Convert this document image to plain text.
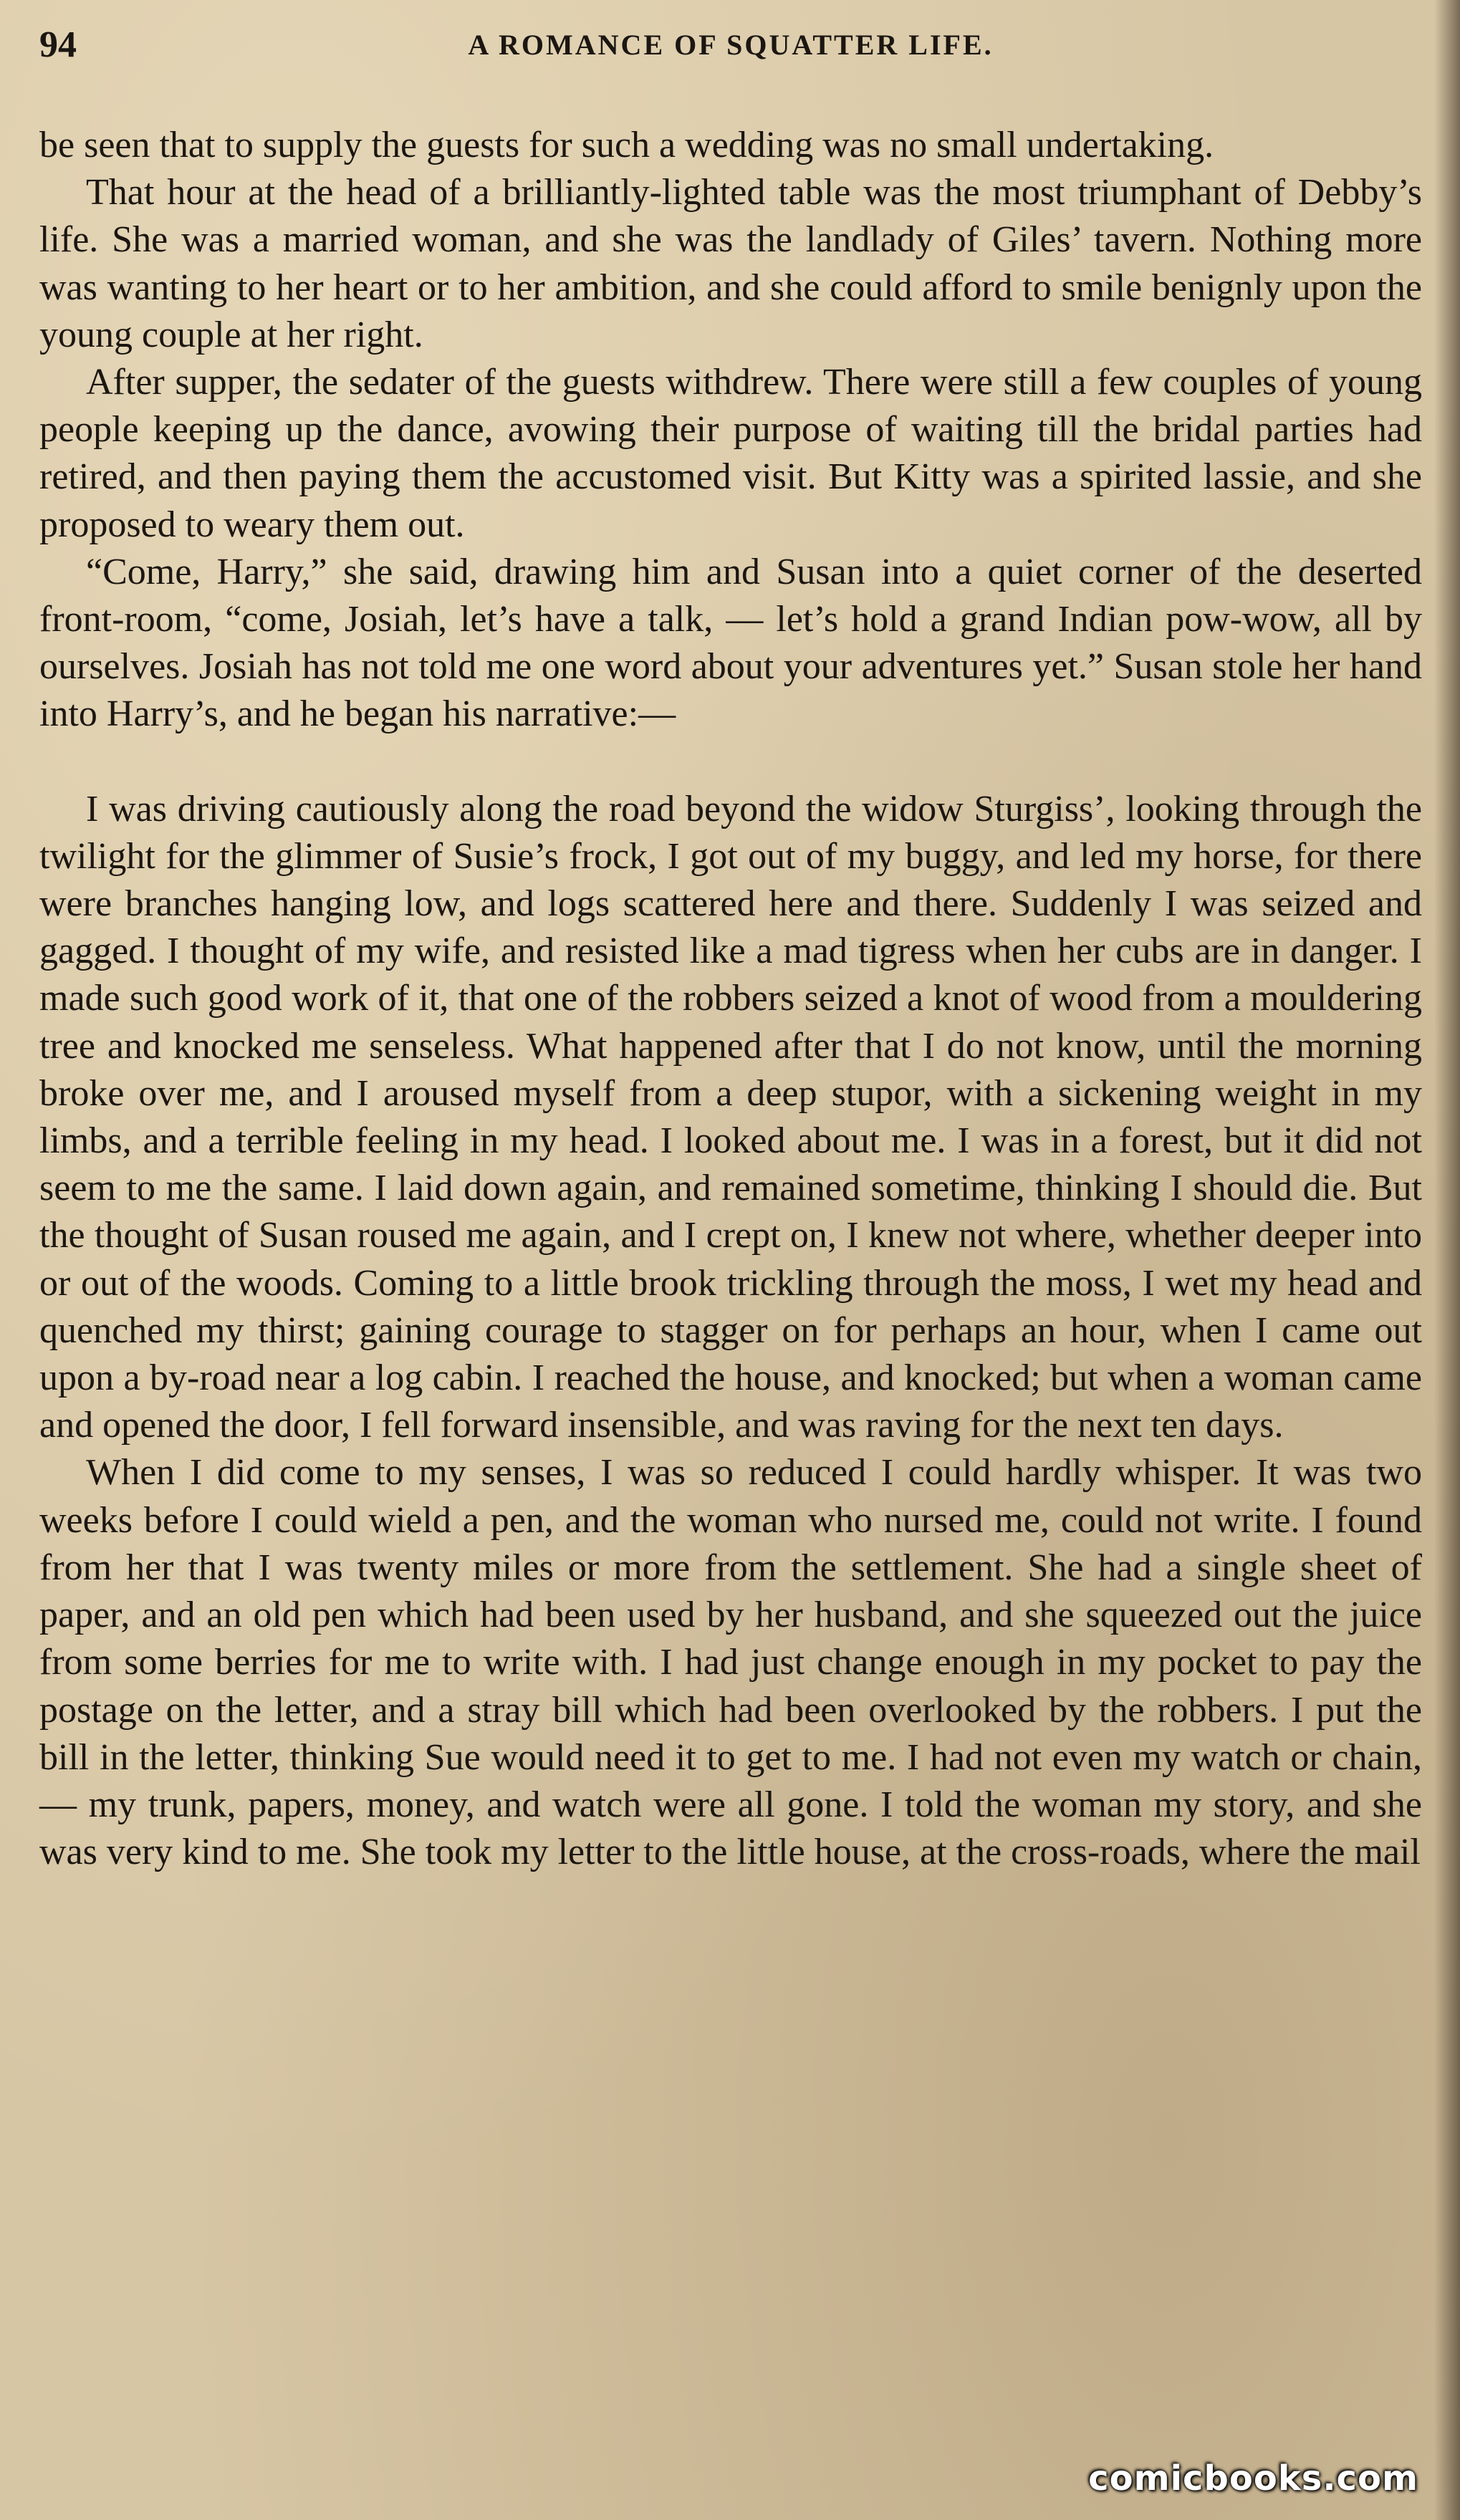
94	A ROMANCE OF SQUATTER LIFE.

be seen that to supply the guests for such a wedding was no small undertaking.

That hour at the head of a brilliantly-lighted table was the most triumphant of Debby’s life. She was a married woman, and she was the landlady of Giles’ tavern. Nothing more was wanting to her heart or to her ambition, and she could afford to smile benignly upon the young couple at her right.

After supper, the sedater of the guests withdrew. There were still a few couples of young people keeping up the dance, avowing their purpose of waiting till the bridal parties had retired, and then paying them the accustomed visit. But Kitty was a spirited lassie, and she proposed to weary them out.

“Come, Harry,” she said, drawing him and Susan into a quiet corner of the deserted front-room, “come, Josiah, let’s have a talk, — let’s hold a grand Indian pow-wow, all by ourselves. Josiah has not told me one word about your adventures yet.” Susan stole her hand into Harry’s, and he began his narrative:—

I was driving cautiously along the road beyond the widow Sturgiss’, looking through the twilight for the glimmer of Susie’s frock, I got out of my buggy, and led my horse, for there were branches hanging low, and logs scattered here and there. Suddenly I was seized and gagged. I thought of my wife, and resisted like a mad tigress when her cubs are in danger. I made such good work of it, that one of the robbers seized a knot of wood from a mouldering tree and knocked me senseless. What happened after that I do not know, until the morning broke over me, and I aroused myself from a deep stupor, with a sickening weight in my limbs, and a terrible feeling in my head. I looked about me. I was in a forest, but it did not seem to me the same. I laid down again, and remained sometime, thinking I should die. But the thought of Susan roused me again, and I crept on, I knew not where, whether deeper into or out of the woods. Coming to a little brook trickling through the moss, I wet my head and quenched my thirst; gaining courage to stagger on for perhaps an hour, when I came out upon a by-road near a log cabin. I reached the house, and knocked; but when a woman came and opened the door, I fell forward insensible, and was raving for the next ten days.

When I did come to my senses, I was so reduced I could hardly whisper. It was two weeks before I could wield a pen, and the woman who nursed me, could not write. I found from her that I was twenty miles or more from the settlement. She had a single sheet of paper, and an old pen which had been used by her husband, and she squeezed out the juice from some berries for me to write with. I had just change enough in my pocket to pay the postage on the letter, and a stray bill which had been overlooked by the robbers. I put the bill in the letter, thinking Sue would need it to get to me. I had not even my watch or chain,— my trunk, papers, money, and watch were all gone. I told the woman my story, and she was very kind to me. She took my letter to the little house, at the cross-roads, where the mail

comicbooks.com
